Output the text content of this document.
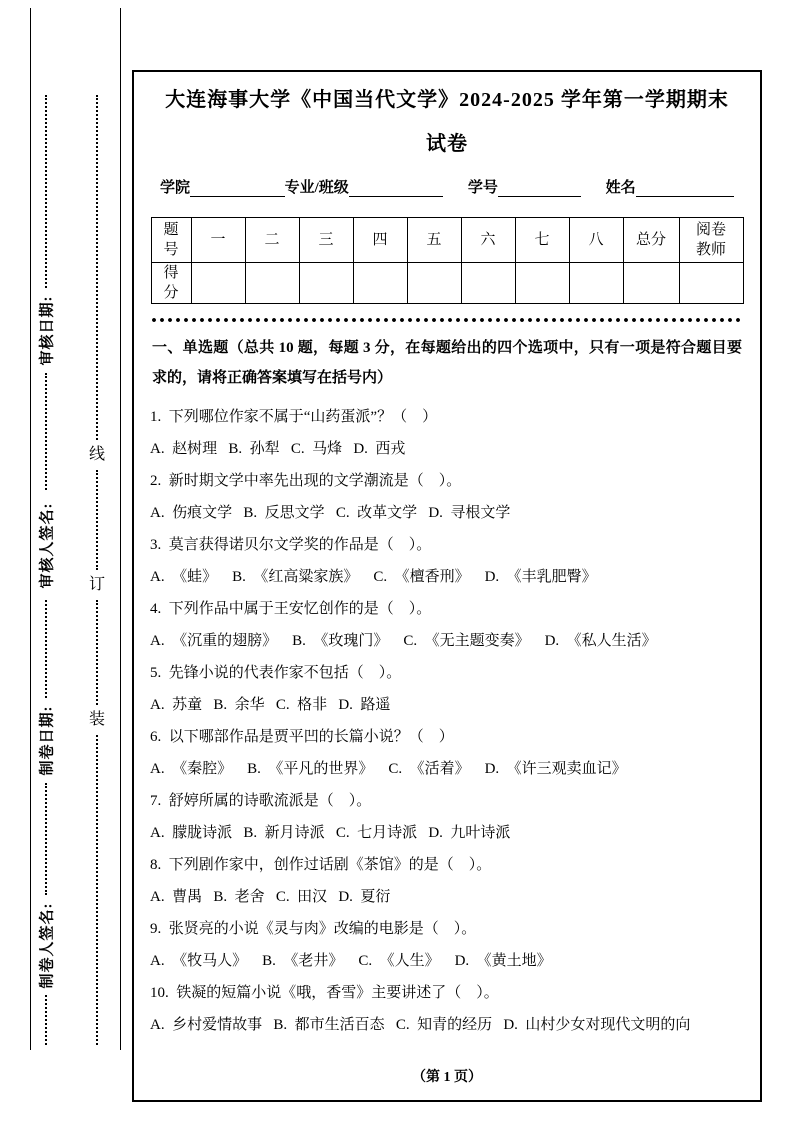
审核日期:
审核人签名:
制卷日期:
制卷人签名:
线
订
装
大连海事大学《中国当代文学》2024-2025 学年第一学期期末试卷
学院	专业/班级	学号	姓名
题号	一	二	三	四	五	六	七	八	总分	阅卷教师
得分										

一、单选题（总共 10 题，每题 3 分，在每题给出的四个选项中，只有一项是符合题目要求的，请将正确答案填写在括号内）

1.  下列哪位作家不属于“山药蛋派”？（　）

A.  赵树理   B.  孙犁   C.  马烽   D.  西戎

2.  新时期文学中率先出现的文学潮流是（　）。

A.  伤痕文学   B.  反思文学   C.  改革文学   D.  寻根文学

3.  莫言获得诺贝尔文学奖的作品是（　）。

A.  《蛙》    B.  《红高粱家族》    C.  《檀香刑》    D.  《丰乳肥臀》

4.  下列作品中属于王安忆创作的是（　）。

A.  《沉重的翅膀》    B.  《玫瑰门》    C.  《无主题变奏》    D.  《私人生活》

5.  先锋小说的代表作家不包括（　）。

A.  苏童   B.  余华   C.  格非   D.  路遥

6.  以下哪部作品是贾平凹的长篇小说？（　）

A.  《秦腔》    B.  《平凡的世界》    C.  《活着》    D.  《许三观卖血记》

7.  舒婷所属的诗歌流派是（　）。

A.  朦胧诗派   B.  新月诗派   C.  七月诗派   D.  九叶诗派

8.  下列剧作家中，创作过话剧《茶馆》的是（　）。

A.  曹禺   B.  老舍   C.  田汉   D.  夏衍

9.  张贤亮的小说《灵与肉》改编的电影是（　）。

A.  《牧马人》    B.  《老井》    C.  《人生》    D.  《黄土地》

10.  铁凝的短篇小说《哦，香雪》主要讲述了（　）。

A.  乡村爱情故事   B.  都市生活百态   C.  知青的经历   D.  山村少女对现代文明的向

（第 1 页）
